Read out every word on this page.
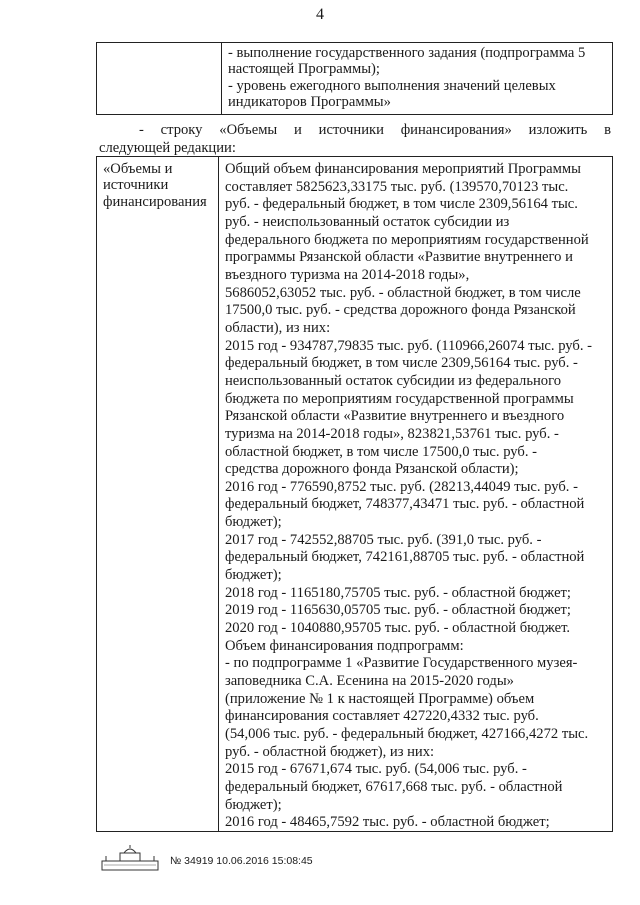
4
- выполнение государственного задания (подпрограмма 5
настоящей Программы);
- уровень ежегодного выполнения значений целевых
индикаторов Программы»
- строку «Объемы и источники финансирования» изложить в
следующей редакции:
«Объемы и
источники
финансирования
Общий объем финансирования мероприятий Программы
составляет 5825623,33175 тыс. руб. (139570,70123 тыс.
руб. - федеральный бюджет, в том числе 2309,56164 тыс.
руб. - неиспользованный остаток субсидии из
федерального бюджета по мероприятиям государственной
программы Рязанской области «Развитие внутреннего и
въездного туризма на 2014-2018 годы»,
5686052,63052 тыс. руб. - областной бюджет, в том числе
17500,0 тыс. руб. - средства дорожного фонда Рязанской
области), из них:
2015 год - 934787,79835 тыс. руб. (110966,26074 тыс. руб. -
федеральный бюджет, в том числе 2309,56164 тыс. руб. -
неиспользованный остаток субсидии из федерального
бюджета по мероприятиям государственной программы
Рязанской области «Развитие внутреннего и въездного
туризма на 2014-2018 годы», 823821,53761 тыс. руб. -
областной бюджет, в том числе 17500,0 тыс. руб. -
средства дорожного фонда Рязанской области);
2016 год - 776590,8752 тыс. руб. (28213,44049 тыс. руб. -
федеральный бюджет, 748377,43471 тыс. руб. - областной
бюджет);
2017 год - 742552,88705 тыс. руб. (391,0 тыс. руб. -
федеральный бюджет, 742161,88705 тыс. руб. - областной
бюджет);
2018 год - 1165180,75705 тыс. руб. - областной бюджет;
2019 год - 1165630,05705 тыс. руб. - областной бюджет;
2020 год - 1040880,95705 тыс. руб. - областной бюджет.
Объем финансирования подпрограмм:
- по подпрограмме 1 «Развитие Государственного музея-
заповедника С.А. Есенина на 2015-2020 годы»
(приложение № 1 к настоящей Программе) объем
финансирования составляет 427220,4332 тыс. руб.
(54,006 тыс. руб. - федеральный бюджет, 427166,4272 тыс.
руб. - областной бюджет), из них:
2015 год - 67671,674 тыс. руб. (54,006 тыс. руб. -
федеральный бюджет, 67617,668 тыс. руб. - областной
бюджет);
2016 год - 48465,7592 тыс. руб. - областной бюджет;
№ 34919 10.06.2016 15:08:45
